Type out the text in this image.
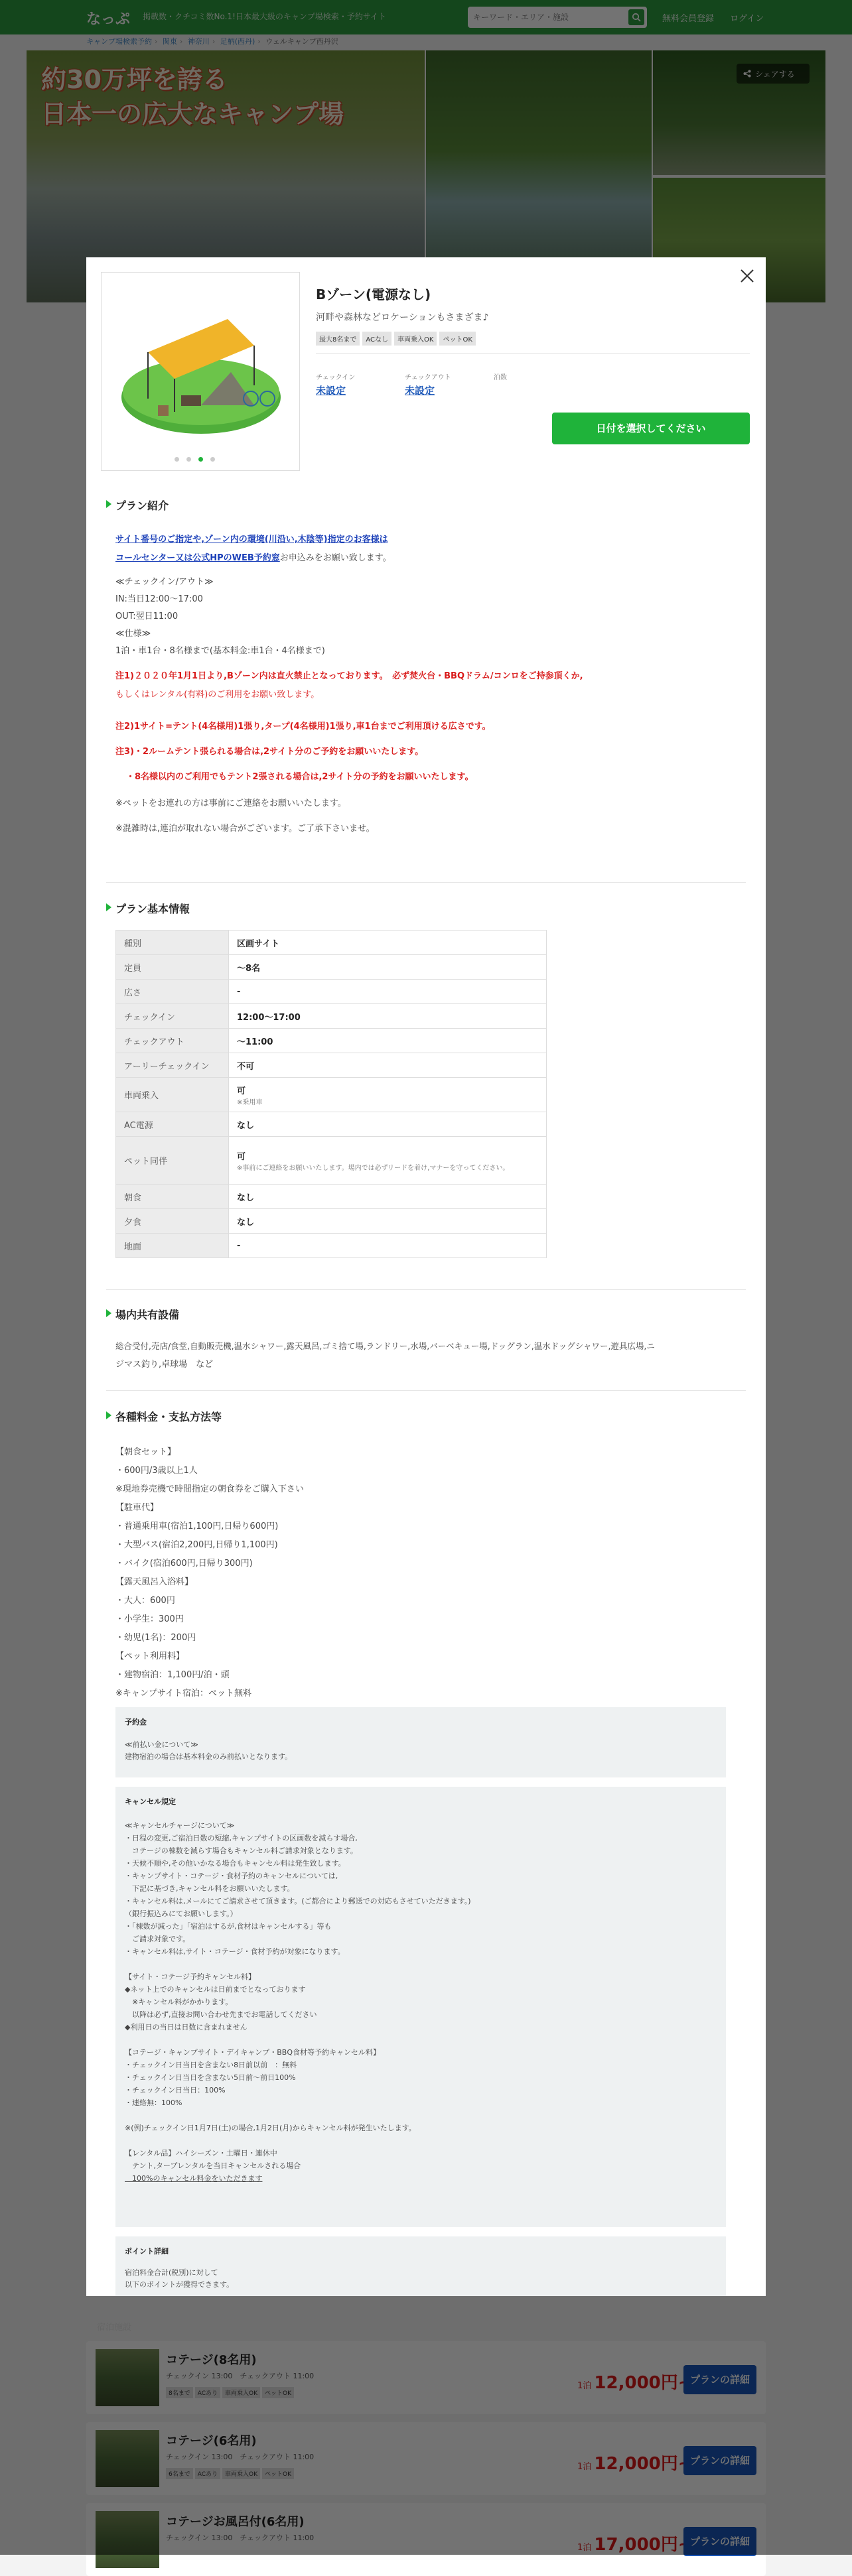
キーワード・エリア・施設

Bゾーン(電源なし)
河畔や森林などロケーションもさまざま♪
最大8名まで ACなし 車両乗入OK ペットOK
チェックイン
未設定
チェックアウト
未設定
泊数
日付を選択してください
プラン紹介
サイト番号のご指定や,ゾーン内の環境(川沿い,木陰等)指定のお客様は
コールセンター又は公式HPのWEB予約窓お申込みをお願い致します。
≪チェックイン/アウト≫
IN:当日12:00〜17:00
OUT:翌日11:00
≪仕様≫
1泊・車1台・8名様まで(基本料金:車1台・4名様まで)
注1)２０２０年1月1日より,Bゾーン内は直火禁止となっております。　必ず焚火台・BBQドラム/コンロをご持参頂くか,
もしくはレンタル(有料)のご利用をお願い致します。
注2)1サイト=テント(4名様用)1張り,タープ(4名様用)1張り,車1台までご利用頂ける広さです。
注3)・2ルームテント張られる場合は,2サイト分のご予約をお願いいたします。
・8名様以内のご利用でもテント2張される場合は,2サイト分の予約をお願いいたします。
※ペットをお連れの方は事前にご連絡をお願いいたします。
※混雑時は,連泊が取れない場合がございます。ご了承下さいませ。
プラン基本情報
種別	区画サイト
定員	〜8名
広さ	-
チェックイン	12:00〜17:00
チェックアウト	〜11:00
アーリーチェックイン	不可
車両乗入	可
※乗用車

AC電源	なし
ペット同伴	可
※事前にご連絡をお願いいたします。場内では必ずリードを着け,マナーを守ってください。

朝食	なし
夕食	なし
地面	-
場内共有設備
総合受付,売店/食堂,自動販売機,温水シャワー,露天風呂,ゴミ捨て場,ランドリー,水場,バーベキュー場,ドッグラン,温水ドッグシャワー,遊具広場,ニ
ジマス釣り,卓球場　など
各種料金・支払方法等
【朝食セット】
・600円/3歳以上1人
※現地券売機で時間指定の朝食券をご購入下さい
【駐車代】
・普通乗用車(宿泊1,100円,日帰り600円)
・大型バス(宿泊2,200円,日帰り1,100円)
・バイク(宿泊600円,日帰り300円)
【露天風呂入浴料】
・大人：600円
・小学生：300円
・幼児(1名)：200円
【ペット利用料】
・建物宿泊：1,100円/泊・頭
※キャンプサイト宿泊：ペット無料
予約金
≪前払い金について≫
建物宿泊の場合は基本料金のみ前払いとなります。
キャンセル規定
≪キャンセルチャージについて≫
・日程の変更,ご宿泊日数の短縮,キャンプサイトの区画数を減らす場合,
　コテージの棟数を減らす場合もキャンセル料ご請求対象となります。
・天候不順や,その他いかなる場合もキャンセル料は発生致します。
・キャンプサイト・コテージ・食材予約のキャンセルについては,
　下記に基づき,キャンセル料をお願いいたします。
・キャンセル料は,メールにてご請求させて頂きます。(ご都合により郵送での対応もさせていただきます。)
（銀行振込みにてお願いします。）
・「棟数が減った」「宿泊はするが,食材はキャンセルする」等も
　ご請求対象です。
・キャンセル料は,サイト・コテージ・食材予約が対象になります。
【サイト・コテージ予約キャンセル料】
◆ネット上でのキャンセルは日前までとなっております
　※キャンセル料がかかります。
　以降は必ず,直接お問い合わせ先までお電話してください
◆利用日の当日は日数に含まれません
【コテージ・キャンプサイト・デイキャンプ・BBQ食材等予約キャンセル料】
・チェックイン日当日を含まない8日前以前　：無料
・チェックイン日当日を含まない5日前〜前日100%
・チェックイン日当日：100%
・連絡無：100%
※(例)チェックイン日1月7日(土)の場合,1月2日(月)からキャンセル料が発生いたします。
【レンタル品】ハイシーズン・土曜日・連休中
　テント,タープレンタルを当日キャンセルされる場合
　100%のキャンセル料金をいただきます
ポイント詳細
宿泊料金合計(税別)に対して
以下のポイントが獲得できます。
